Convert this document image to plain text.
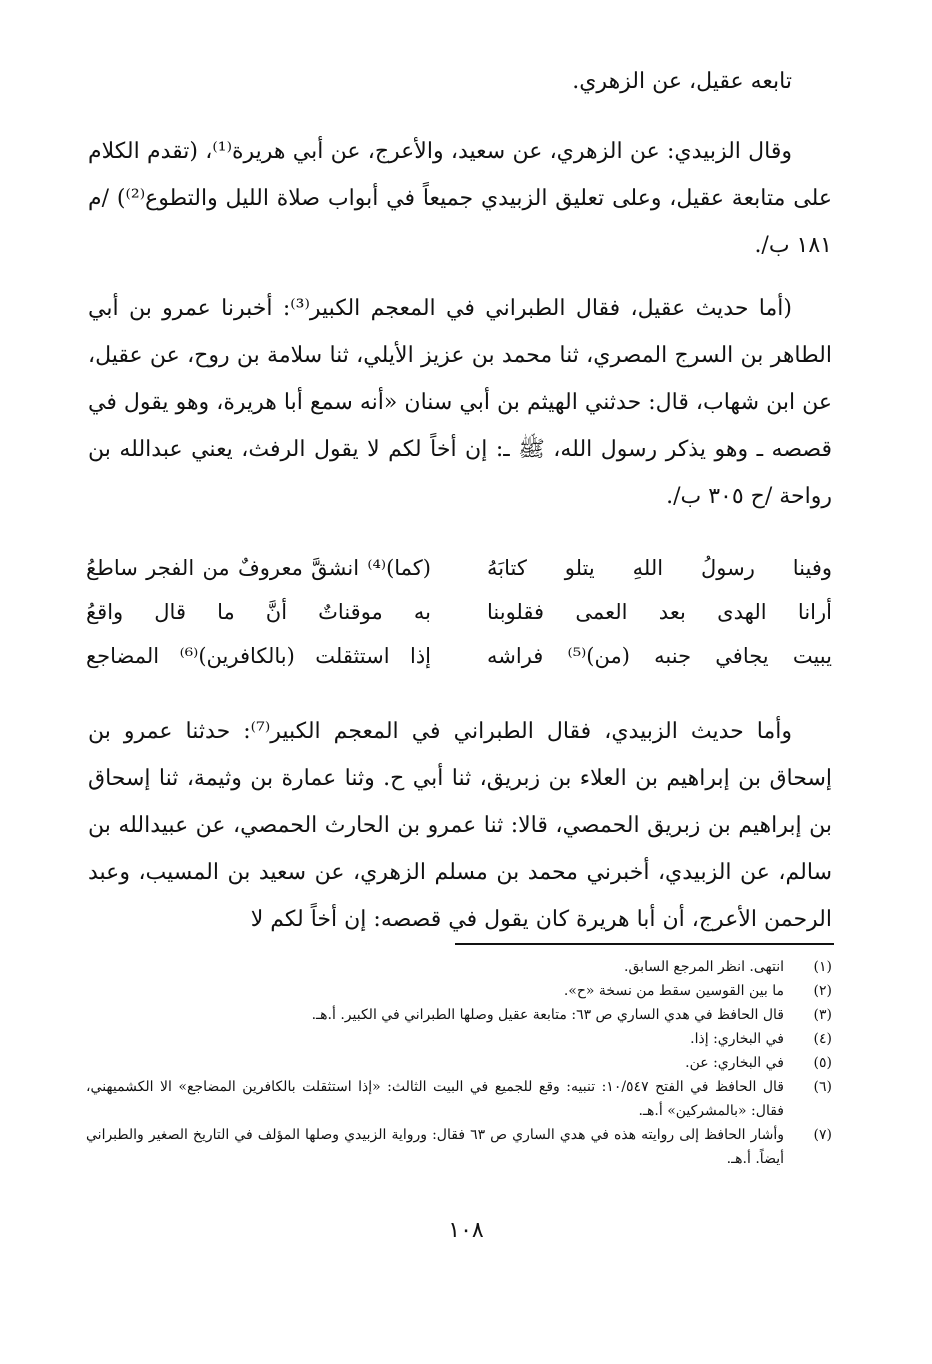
تابعه عقيل، عن الزهري.

وقال الزبيدي: عن الزهري، عن سعيد، والأعرج، عن أبي هريرة⁽¹⁾، (تقدم الكلام على متابعة عقيل، وعلى تعليق الزبيدي جميعاً في أبواب صلاة الليل والتطوع⁽²⁾) /م ١٨١ ب/.

(أما حديث عقيل، فقال الطبراني في المعجم الكبير⁽³⁾: أخبرنا عمرو بن أبي الطاهر بن السرج المصري، ثنا محمد بن عزيز الأيلي، ثنا سلامة بن روح، عن عقيل، عن ابن شهاب، قال: حدثني الهيثم بن أبي سنان «أنه سمع أبا هريرة، وهو يقول في قصصه ـ وهو يذكر رسول الله، ﷺ ـ: إن أخاً لكم لا يقول الرفث، يعني عبدالله بن رواحة /ح ٣٠٥ ب/.

وفينا رسولُ اللهِ يتلو كتابَهُ
(كما)⁽⁴⁾ انشقَّ معروفٌ من الفجر ساطعُ
أرانا الهدى بعد العمى فقلوبنا
به موقناتٌ أنَّ ما قال واقعُ
يبيت يجافي جنبه (من)⁽⁵⁾ فراشه
إذا استثقلت (بالكافرين)⁽⁶⁾ المضاجع

وأما حديث الزبيدي، فقال الطبراني في المعجم الكبير⁽⁷⁾: حدثنا عمرو بن إسحاق بن إبراهيم بن العلاء بن زبريق، ثنا أبي ح. وثنا عمارة بن وثيمة، ثنا إسحاق بن إبراهيم بن زبريق الحمصي، قالا: ثنا عمرو بن الحارث الحمصي، عن عبيدالله بن سالم، عن الزبيدي، أخبرني محمد بن مسلم الزهري، عن سعيد بن المسيب، وعبد الرحمن الأعرج، أن أبا هريرة كان يقول في قصصه: إن أخاً لكم لا

(١)
انتهى. انظر المرجع السابق.
(٢)
ما بين القوسين سقط من نسخة «ح».
(٣)
قال الحافظ في هدي الساري ص ٦٣: متابعة عقيل وصلها الطبراني في الكبير. أ.هـ.
(٤)
في البخاري: إذا.
(٥)
في البخاري: عن.
(٦)
قال الحافظ في الفتح ١٠/٥٤٧: تنبيه: وقع للجميع في البيت الثالث: «إذا استثقلت بالكافرين المضاجع» الا الكشميهني، فقال: «بالمشركين» أ.هـ.
(٧)
وأشار الحافظ إلى روايته هذه في هدي الساري ص ٦٣ فقال: ورواية الزبيدي وصلها المؤلف في التاريخ الصغير والطبراني أيضاً. أ.هـ.
١٠٨
